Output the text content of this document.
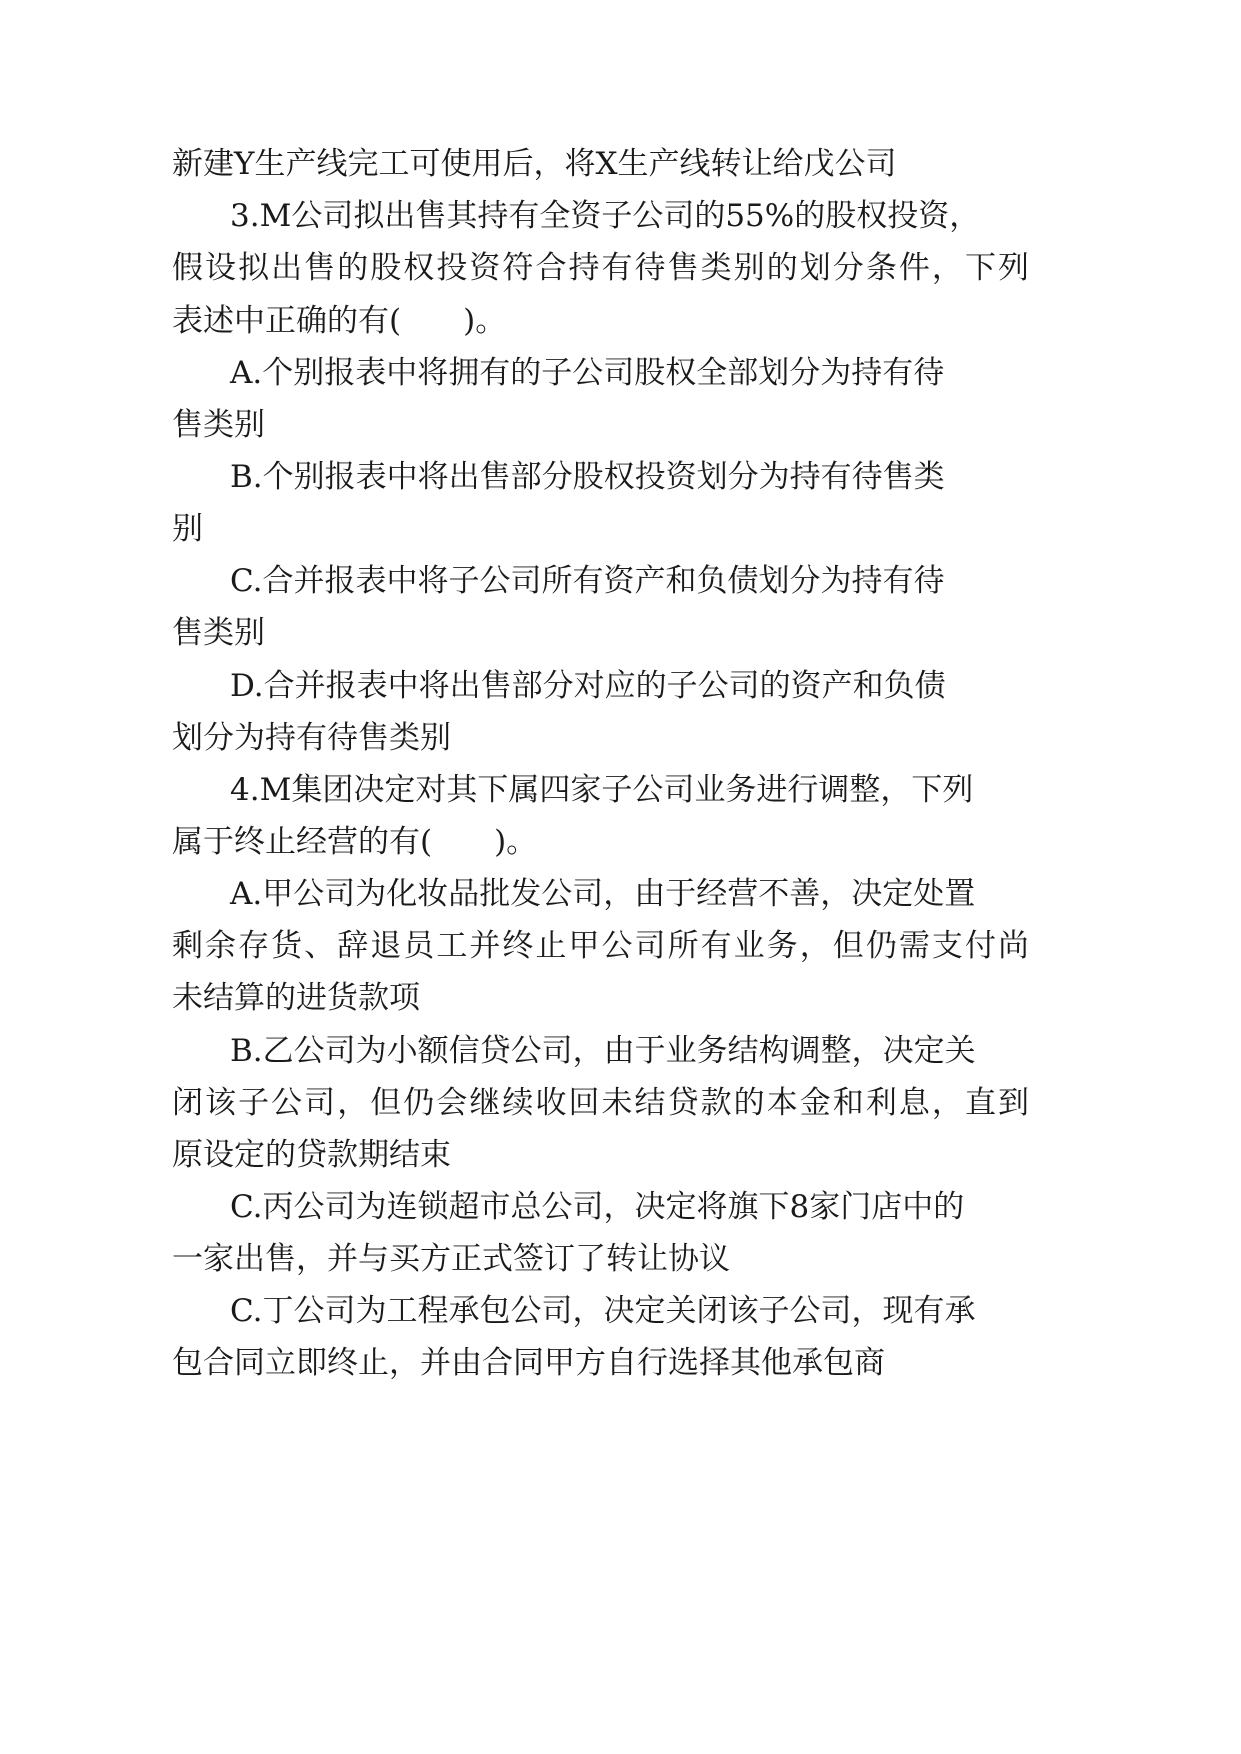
新建Y生产线完工可使用后，将X生产线转让给戊公司
3.M公司拟出售其持有全资子公司的55%的股权投资，
假设拟出售的股权投资符合持有待售类别的划分条件，下列
表述中正确的有(　　)。
A.个别报表中将拥有的子公司股权全部划分为持有待
售类别
B.个别报表中将出售部分股权投资划分为持有待售类
别
C.合并报表中将子公司所有资产和负债划分为持有待
售类别
D.合并报表中将出售部分对应的子公司的资产和负债
划分为持有待售类别
4.M集团决定对其下属四家子公司业务进行调整，下列
属于终止经营的有(　　)。
A.甲公司为化妆品批发公司，由于经营不善，决定处置
剩余存货、辞退员工并终止甲公司所有业务，但仍需支付尚
未结算的进货款项
B.乙公司为小额信贷公司，由于业务结构调整，决定关
闭该子公司，但仍会继续收回未结贷款的本金和利息，直到
原设定的贷款期结束
C.丙公司为连锁超市总公司，决定将旗下8家门店中的
一家出售，并与买方正式签订了转让协议
C.丁公司为工程承包公司，决定关闭该子公司，现有承
包合同立即终止，并由合同甲方自行选择其他承包商
